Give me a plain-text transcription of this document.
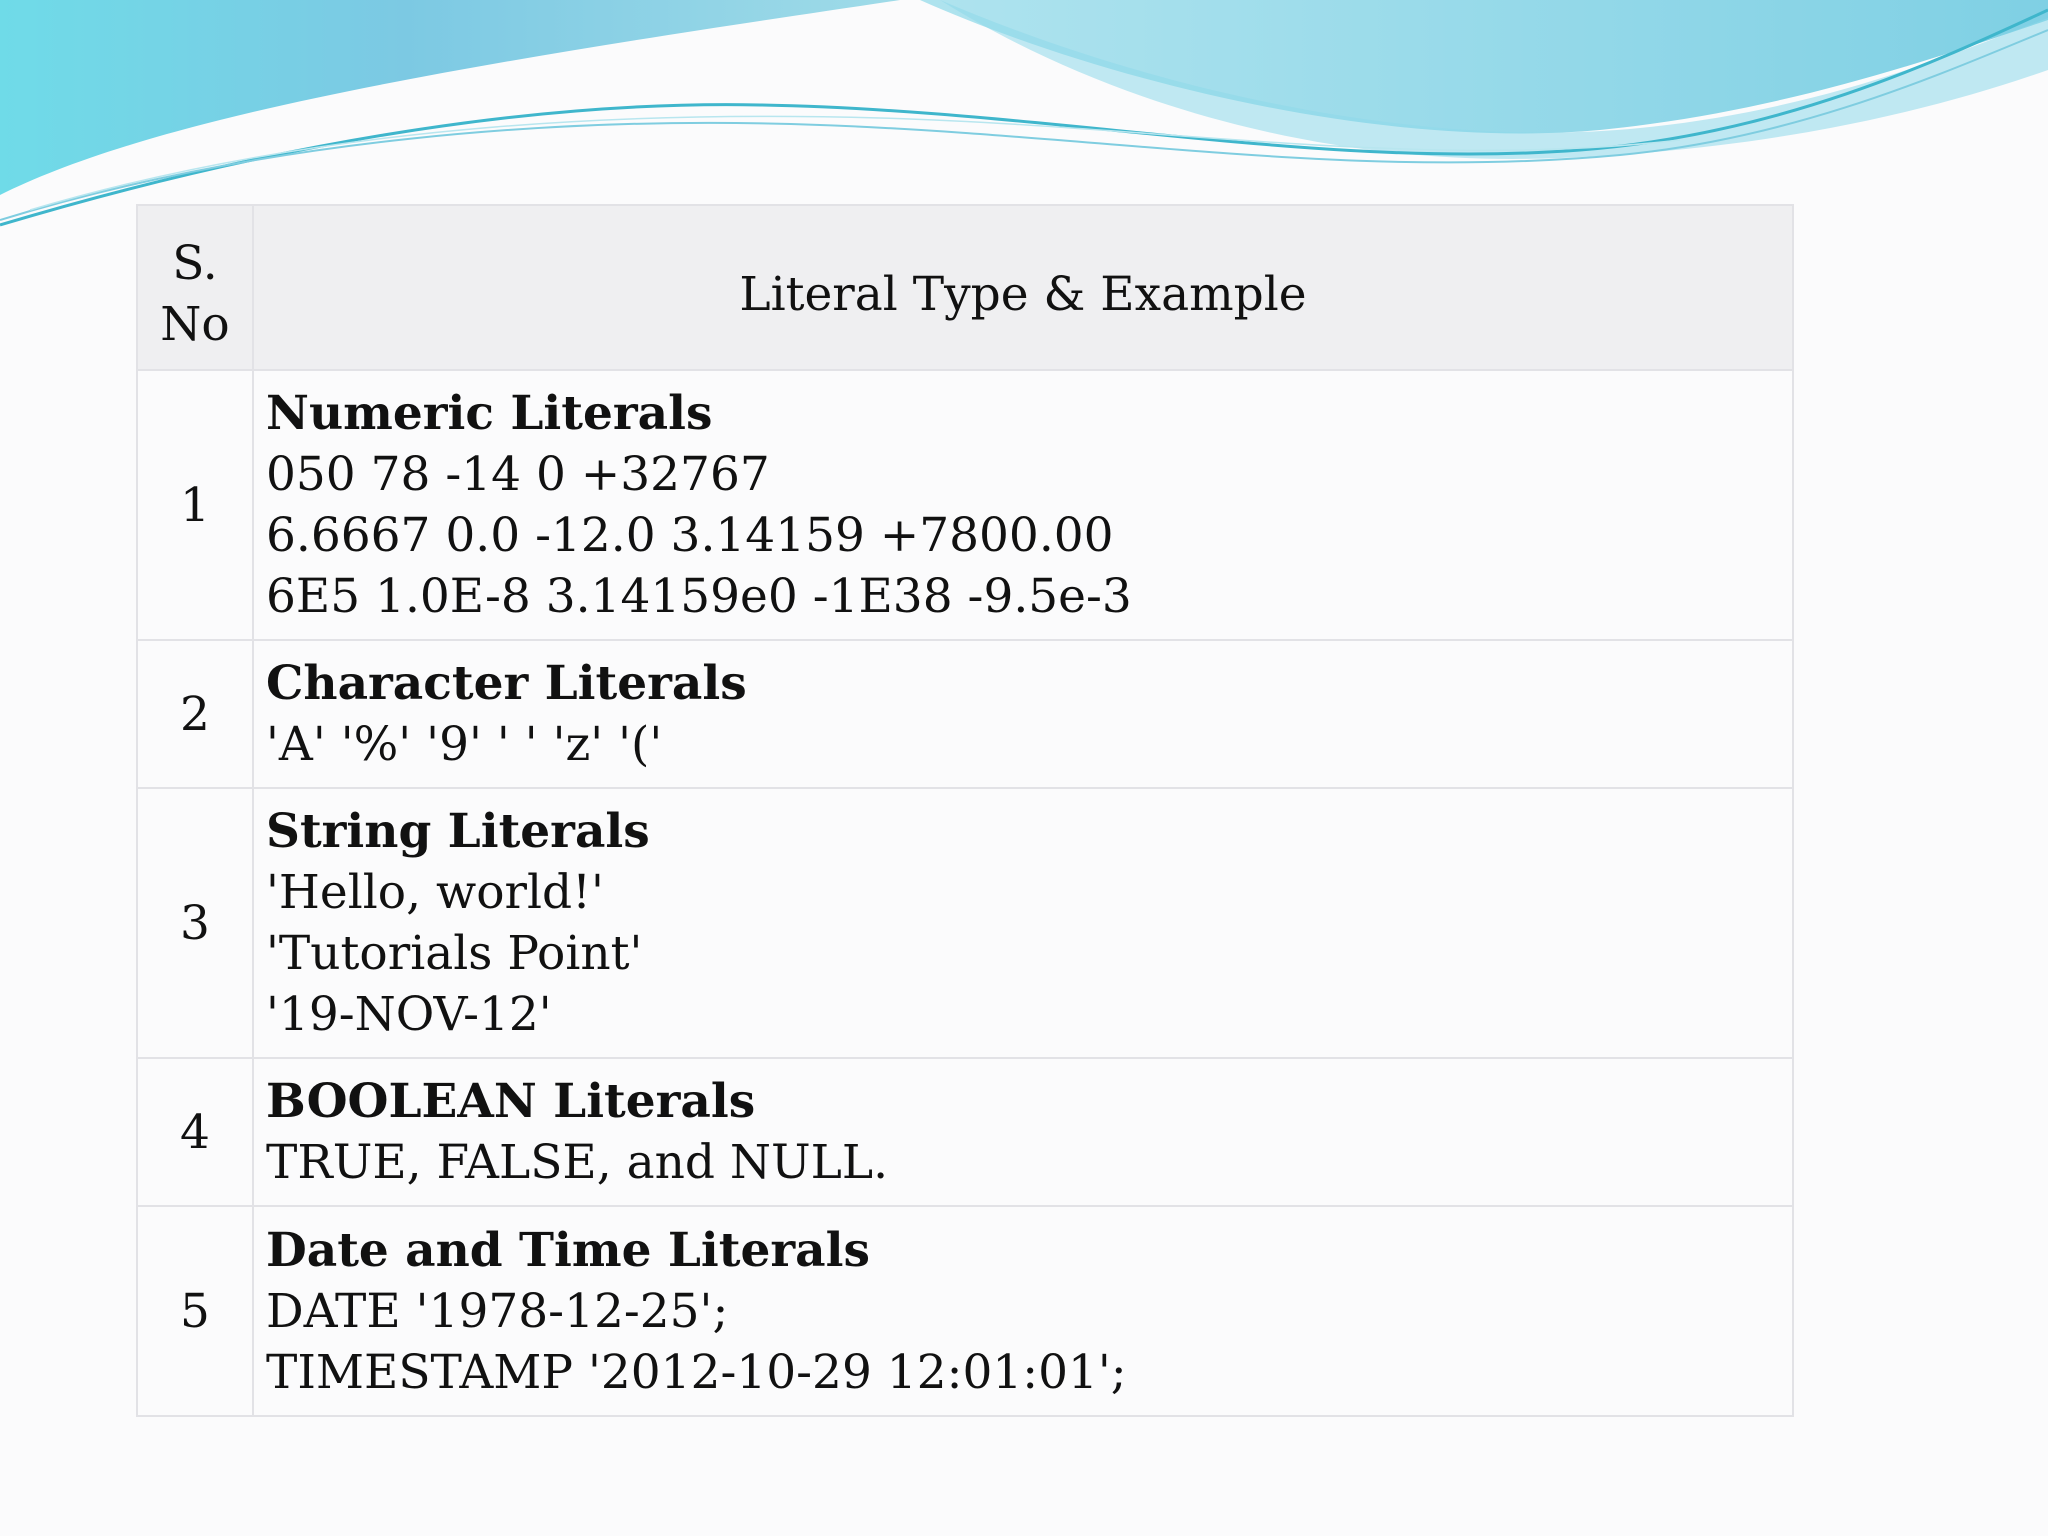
S.No	Literal Type & Example
1	Numeric Literals
050 78 -14 0 +32767
6.6667 0.0 -12.0 3.14159 +7800.00
6E5 1.0E-8 3.14159e0 -1E38 -9.5e-3

2	Character Literals
'A' '%' '9' ' ' 'z' '('

3	String Literals
'Hello, world!'
'Tutorials Point'
'19-NOV-12'

4	BOOLEAN Literals
TRUE, FALSE, and NULL.

5	Date and Time Literals
DATE '1978-12-25';
TIMESTAMP '2012-10-29 12:01:01';
